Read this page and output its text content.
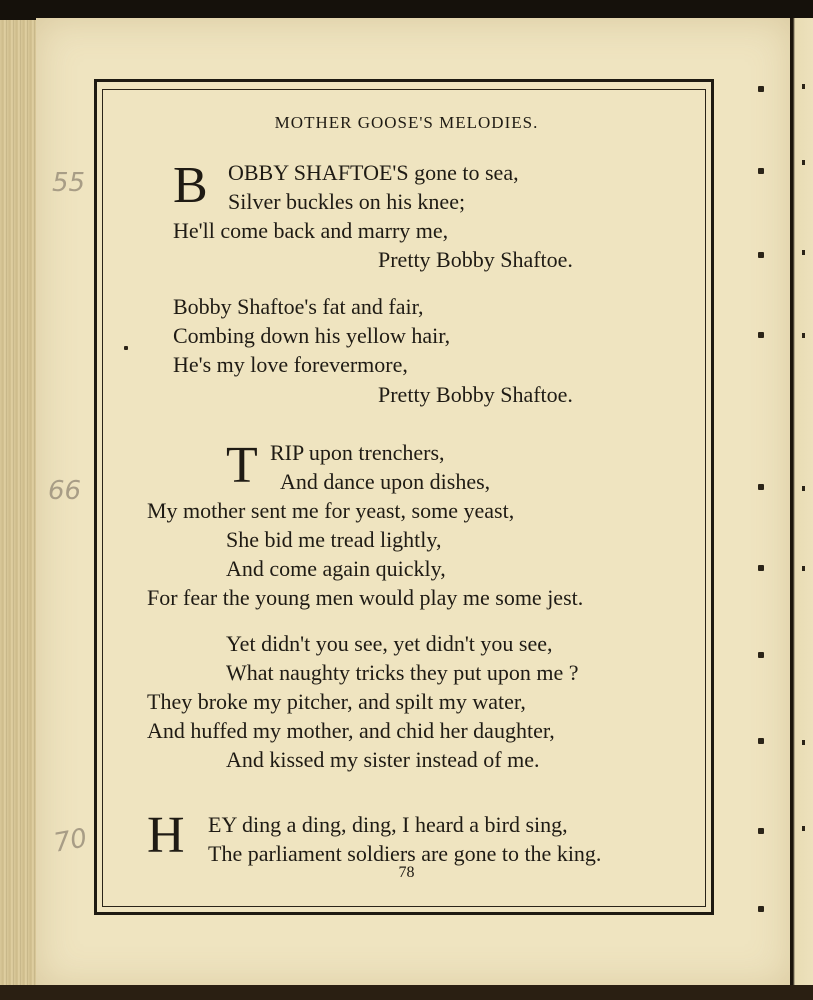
55
66
70
MOTHER GOOSE'S MELODIES.
B OBBY SHAFTOE'S gone to sea,
Silver buckles on his knee;
He'll come back and marry me,
Pretty Bobby Shaftoe.
Bobby Shaftoe's fat and fair,
Combing down his yellow hair,
He's my love forevermore,
Pretty Bobby Shaftoe.
T RIP upon trenchers,
And dance upon dishes,
My mother sent me for yeast, some yeast,
She bid me tread lightly,
And come again quickly,
For fear the young men would play me some jest.
Yet didn't you see, yet didn't you see,
What naughty tricks they put upon me ?
They broke my pitcher, and spilt my water,
And huffed my mother, and chid her daughter,
And kissed my sister instead of me.
H EY ding a ding, ding, I heard a bird sing,
The parliament soldiers are gone to the king.
78
